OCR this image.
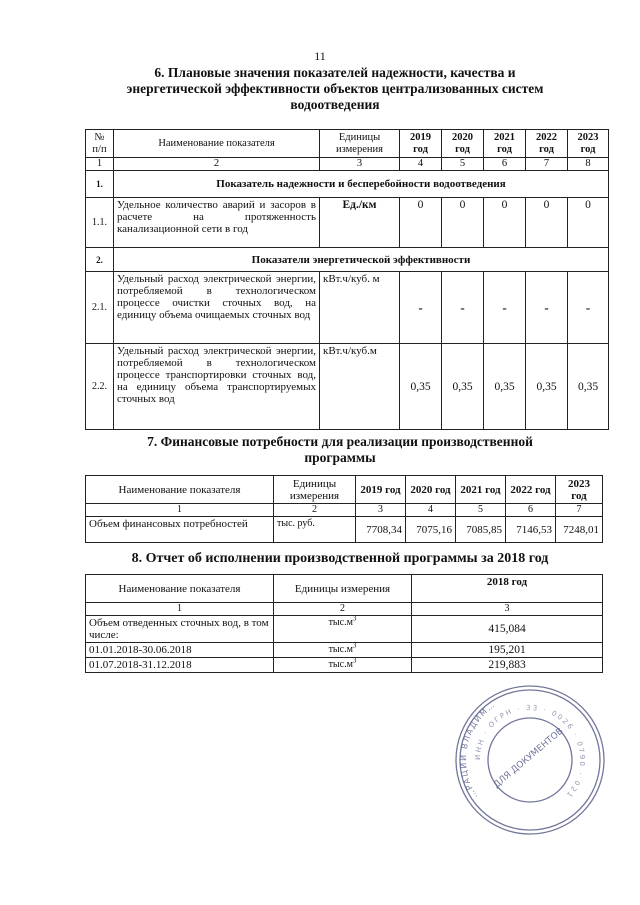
11
6. Плановые значения показателей надежности, качества и
энергетической эффективности объектов централизованных систем
водоотведения
№ п/п	Наименование показателя	Единицы измерения	2019 год	2020 год	2021 год	2022 год	2023 год
1	2	3	4	5	6	7	8
1.	Показатель надежности и бесперебойности водоотведения						
1.1.	Удельное количество аварий и засоров в расчете на протяженность канализационной сети в год	Ед./км	0	0	0	0	0
2.	Показатели энергетической эффективности						
2.1.	Удельный расход электрической энергии, потребляемой в технологическом процессе очистки сточных вод, на единицу объема очищаемых сточных вод	кВт.ч/куб. м	-	-	-	-	-
2.2.	Удельный расход электрической энергии, потребляемой в технологическом процессе транспортировки сточных вод, на единицу объема транспортируемых сточных вод	кВт.ч/куб.м	0,35	0,35	0,35	0,35	0,35
7. Финансовые потребности для реализации производственной
программы
Наименование показателя	Единицы измерения	2019 год	2020 год	2021 год	2022 год	2023 год
1	2	3	4	5	6	7
Объем финансовых потребностей	тыс. руб.	7708,34	7075,16	7085,85	7146,53	7248,01
8. Отчет об исполнении производственной программы за 2018 год
Наименование показателя	Единицы измерения	2018 год
1	2	3
Объем отведенных сточных вод, в том числе:	$тыс.м^3$	415,084
01.01.2018-30.06.2018	$тыс.м^3$	195,201
01.07.2018-31.12.2018	$тыс.м^3$	219,883
…РАЦИИ ВЛАДИМ…
ИНН · ОГРН · 33 · 0026 · 0790 · 021
ДЛЯ ДОКУМЕНТОВ
